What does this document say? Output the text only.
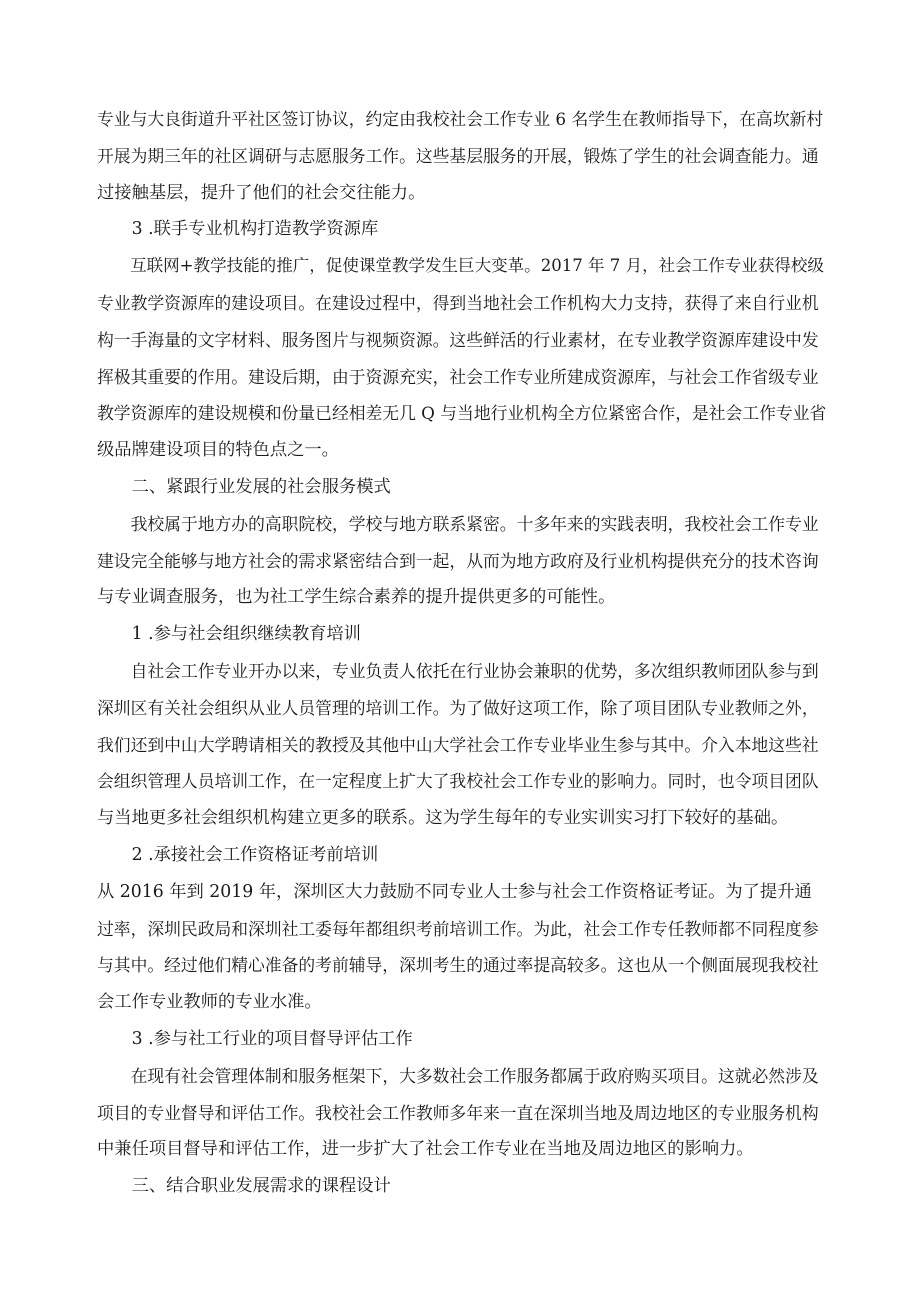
专业与大良街道升平社区签订协议，约定由我校社会工作专业 6 名学生在教师指导下，在高坎新村
开展为期三年的社区调研与志愿服务工作。这些基层服务的开展，锻炼了学生的社会调查能力。通
过接触基层，提升了他们的社会交往能力。
3 .联手专业机构打造教学资源库
互联网+教学技能的推广，促使课堂教学发生巨大变革。2017 年 7 月，社会工作专业获得校级
专业教学资源库的建设项目。在建设过程中，得到当地社会工作机构大力支持，获得了来自行业机
构一手海量的文字材料、服务图片与视频资源。这些鲜活的行业素材，在专业教学资源库建设中发
挥极其重要的作用。建设后期，由于资源充实，社会工作专业所建成资源库，与社会工作省级专业
教学资源库的建设规模和份量已经相差无几 Q 与当地行业机构全方位紧密合作，是社会工作专业省
级品牌建设项目的特色点之一。
二、紧跟行业发展的社会服务模式
我校属于地方办的高职院校，学校与地方联系紧密。十多年来的实践表明，我校社会工作专业
建设完全能够与地方社会的需求紧密结合到一起，从而为地方政府及行业机构提供充分的技术咨询
与专业调查服务，也为社工学生综合素养的提升提供更多的可能性。
1 .参与社会组织继续教育培训
自社会工作专业开办以来，专业负责人依托在行业协会兼职的优势，多次组织教师团队参与到
深圳区有关社会组织从业人员管理的培训工作。为了做好这项工作，除了项目团队专业教师之外，
我们还到中山大学聘请相关的教授及其他中山大学社会工作专业毕业生参与其中。介入本地这些社
会组织管理人员培训工作，在一定程度上扩大了我校社会工作专业的影响力。同时，也令项目团队
与当地更多社会组织机构建立更多的联系。这为学生每年的专业实训实习打下较好的基础。
2 .承接社会工作资格证考前培训
从 2016 年到 2019 年，深圳区大力鼓励不同专业人士参与社会工作资格证考证。为了提升通
过率，深圳民政局和深圳社工委每年都组织考前培训工作。为此，社会工作专任教师都不同程度参
与其中。经过他们精心准备的考前辅导，深圳考生的通过率提高较多。这也从一个侧面展现我校社
会工作专业教师的专业水准。
3 .参与社工行业的项目督导评估工作
在现有社会管理体制和服务框架下，大多数社会工作服务都属于政府购买项目。这就必然涉及
项目的专业督导和评估工作。我校社会工作教师多年来一直在深圳当地及周边地区的专业服务机构
中兼任项目督导和评估工作，进一步扩大了社会工作专业在当地及周边地区的影响力。
三、结合职业发展需求的课程设计
